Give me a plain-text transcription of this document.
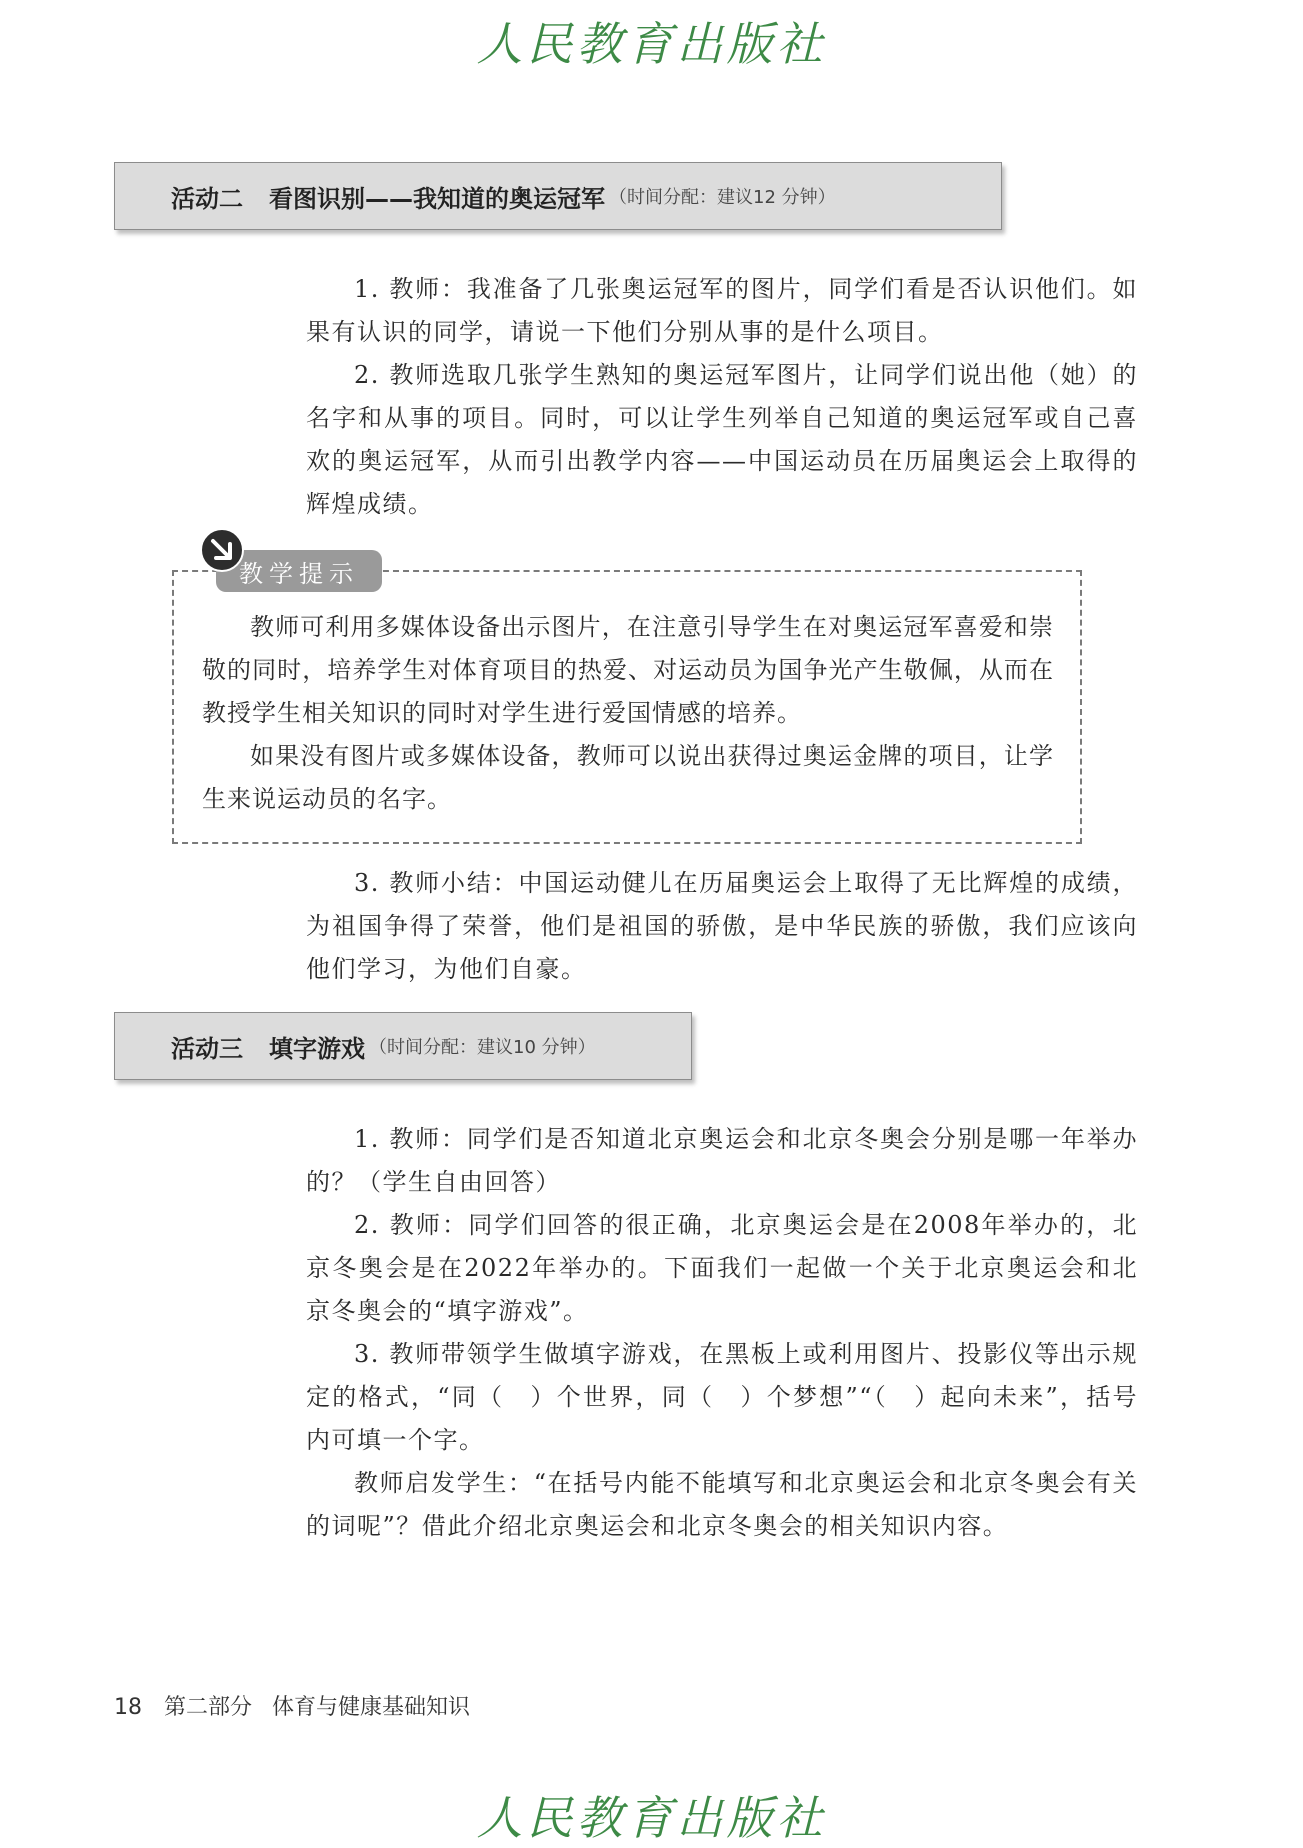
人民教育出版社
活动二 看图识别——我知道的奥运冠军 （时间分配：建议12 分钟）

1. 教师：我准备了几张奥运冠军的图片，同学们看是否认识他们。如果有认识的同学，请说一下他们分别从事的是什么项目。

2. 教师选取几张学生熟知的奥运冠军图片，让同学们说出他（她）的名字和从事的项目。同时，可以让学生列举自己知道的奥运冠军或自己喜欢的奥运冠军，从而引出教学内容——中国运动员在历届奥运会上取得的辉煌成绩。

教学提示

教师可利用多媒体设备出示图片，在注意引导学生在对奥运冠军喜爱和崇敬的同时，培养学生对体育项目的热爱、对运动员为国争光产生敬佩，从而在教授学生相关知识的同时对学生进行爱国情感的培养。

如果没有图片或多媒体设备，教师可以说出获得过奥运金牌的项目，让学生来说运动员的名字。

3. 教师小结：中国运动健儿在历届奥运会上取得了无比辉煌的成绩，为祖国争得了荣誉，他们是祖国的骄傲，是中华民族的骄傲，我们应该向他们学习，为他们自豪。

活动三 填字游戏 （时间分配：建议10 分钟）

1. 教师：同学们是否知道北京奥运会和北京冬奥会分别是哪一年举办的？（学生自由回答）

2. 教师：同学们回答的很正确，北京奥运会是在2008年举办的，北京冬奥会是在2022年举办的。下面我们一起做一个关于北京奥运会和北京冬奥会的“填字游戏”。

3. 教师带领学生做填字游戏，在黑板上或利用图片、投影仪等出示规定的格式，“同（　）个世界，同（　）个梦想”“（　）起向未来”，括号内可填一个字。

教师启发学生：“在括号内能不能填写和北京奥运会和北京冬奥会有关的词呢”？借此介绍北京奥运会和北京冬奥会的相关知识内容。

18 第二部分 体育与健康基础知识
人民教育出版社
